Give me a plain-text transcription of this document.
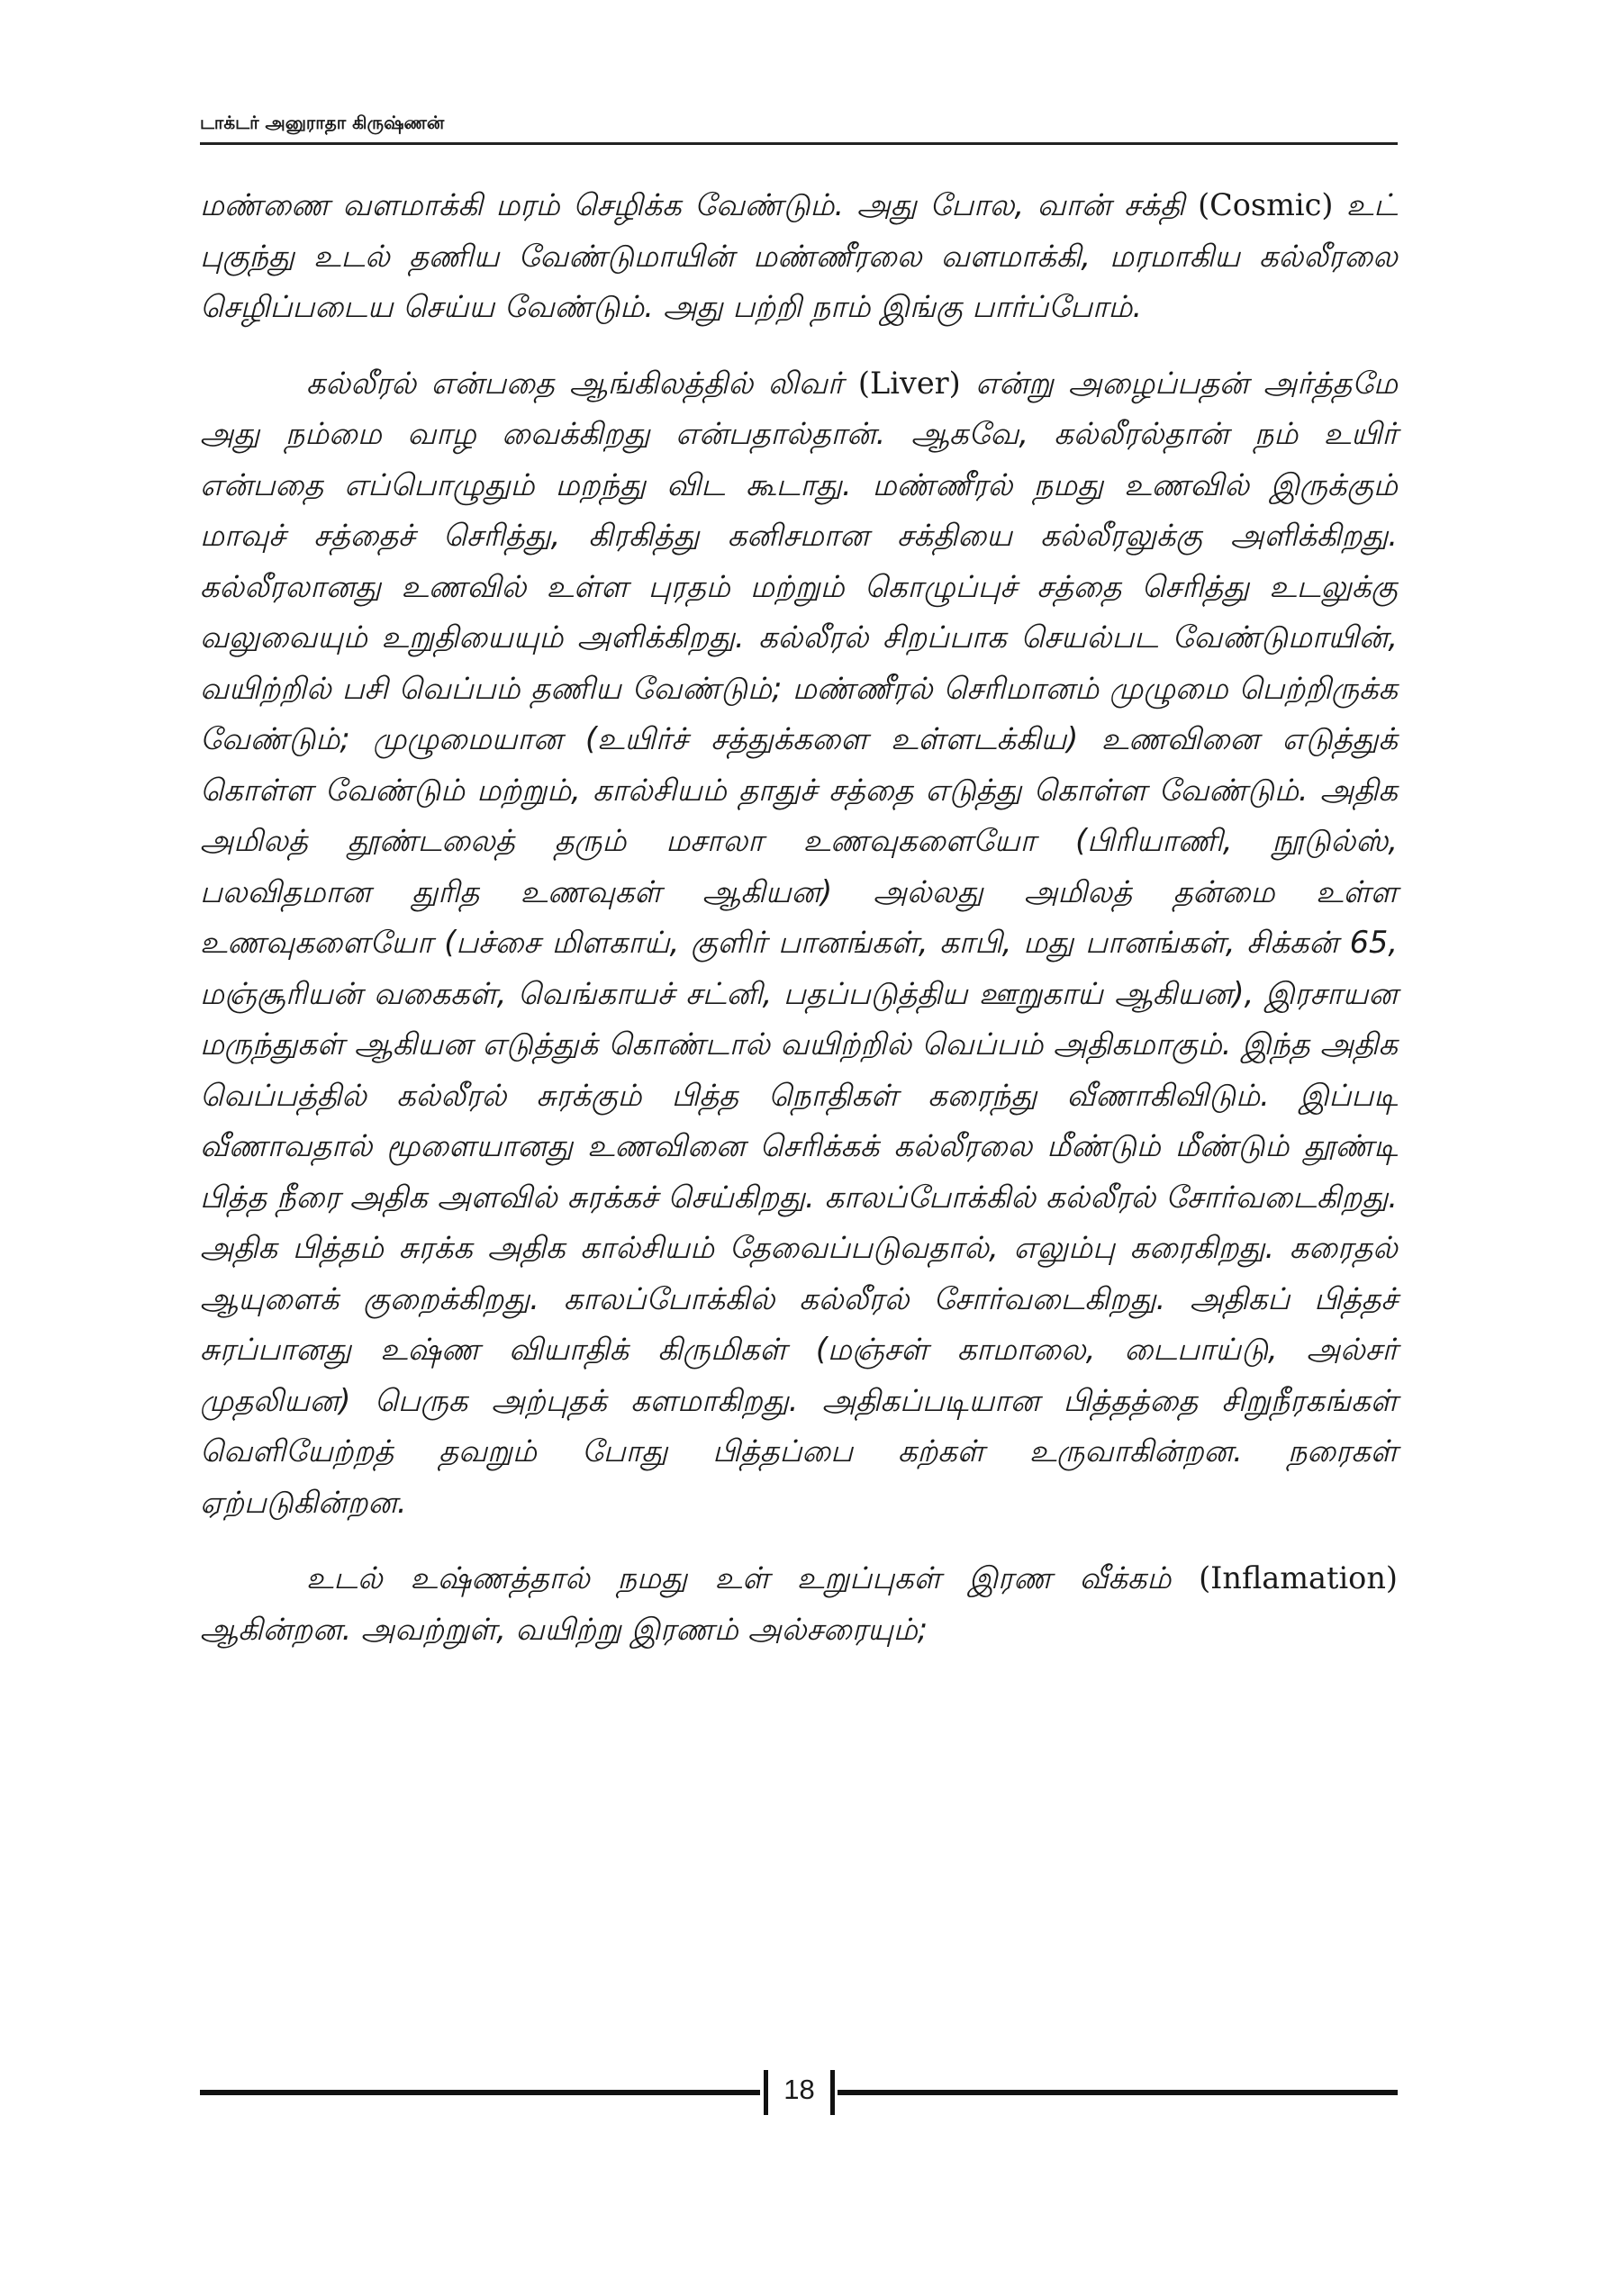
டாக்டர் அனுராதா கிருஷ்ணன்

மண்ணை வளமாக்கி மரம் செழிக்க வேண்டும். அது போல, வான் சக்தி (Cosmic) உட் புகுந்து உடல் தணிய வேண்டுமாயின் மண்ணீரலை வளமாக்கி, மரமாகிய கல்லீரலை செழிப்படைய செய்ய வேண்டும். அது பற்றி நாம் இங்கு பார்ப்போம்.

கல்லீரல் என்பதை ஆங்கிலத்தில் லிவர் (Liver) என்று அழைப்பதன் அர்த்தமே அது நம்மை வாழ வைக்கிறது என்பதால்தான். ஆகவே, கல்லீரல்தான் நம் உயிர் என்பதை எப்பொழுதும் மறந்து விட கூடாது. மண்ணீரல் நமது உணவில் இருக்கும் மாவுச் சத்தைச் செரித்து, கிரகித்து கனிசமான சக்தியை கல்லீரலுக்கு அளிக்கிறது. கல்லீரலானது உணவில் உள்ள புரதம் மற்றும் கொழுப்புச் சத்தை செரித்து உடலுக்கு வலுவையும் உறுதியையும் அளிக்கிறது. கல்லீரல் சிறப்பாக செயல்பட வேண்டுமாயின், வயிற்றில் பசி வெப்பம் தணிய வேண்டும்; மண்ணீரல் செரிமானம் முழுமை பெற்றிருக்க வேண்டும்; முழுமையான (உயிர்ச் சத்துக்களை உள்ளடக்கிய) உணவினை எடுத்துக் கொள்ள வேண்டும் மற்றும், கால்சியம் தாதுச் சத்தை எடுத்து கொள்ள வேண்டும். அதிக அமிலத் தூண்டலைத் தரும் மசாலா உணவுகளையோ (பிரியாணி, நூடுல்ஸ், பலவிதமான துரித உணவுகள் ஆகியன) அல்லது அமிலத் தன்மை உள்ள உணவுகளையோ (பச்சை மிளகாய், குளிர் பானங்கள், காபி, மது பானங்கள், சிக்கன் 65, மஞ்சூரியன் வகைகள், வெங்காயச் சட்னி, பதப்படுத்திய ஊறுகாய் ஆகியன), இரசாயன மருந்துகள் ஆகியன எடுத்துக் கொண்டால் வயிற்றில் வெப்பம் அதிகமாகும். இந்த அதிக வெப்பத்தில் கல்லீரல் சுரக்கும் பித்த நொதிகள் கரைந்து வீணாகிவிடும். இப்படி வீணாவதால் மூளையானது உணவினை செரிக்கக் கல்லீரலை மீண்டும் மீண்டும் தூண்டி பித்த நீரை அதிக அளவில் சுரக்கச் செய்கிறது. காலப்போக்கில் கல்லீரல் சோர்வடைகிறது. அதிக பித்தம் சுரக்க அதிக கால்சியம் தேவைப்படுவதால், எலும்பு கரைகிறது. கரைதல் ஆயுளைக் குறைக்கிறது. காலப்போக்கில் கல்லீரல் சோர்வடைகிறது. அதிகப் பித்தச் சுரப்பானது உஷ்ண வியாதிக் கிருமிகள் (மஞ்சள் காமாலை, டைபாய்டு, அல்சர் முதலியன) பெருக அற்புதக் களமாகிறது. அதிகப்படியான பித்தத்தை சிறுநீரகங்கள் வெளியேற்றத் தவறும் போது பித்தப்பை கற்கள் உருவாகின்றன. நரைகள் ஏற்படுகின்றன.

உடல் உஷ்ணத்தால் நமது உள் உறுப்புகள் இரண வீக்கம் (Inflamation) ஆகின்றன. அவற்றுள், வயிற்று இரணம் அல்சரையும்;

18
